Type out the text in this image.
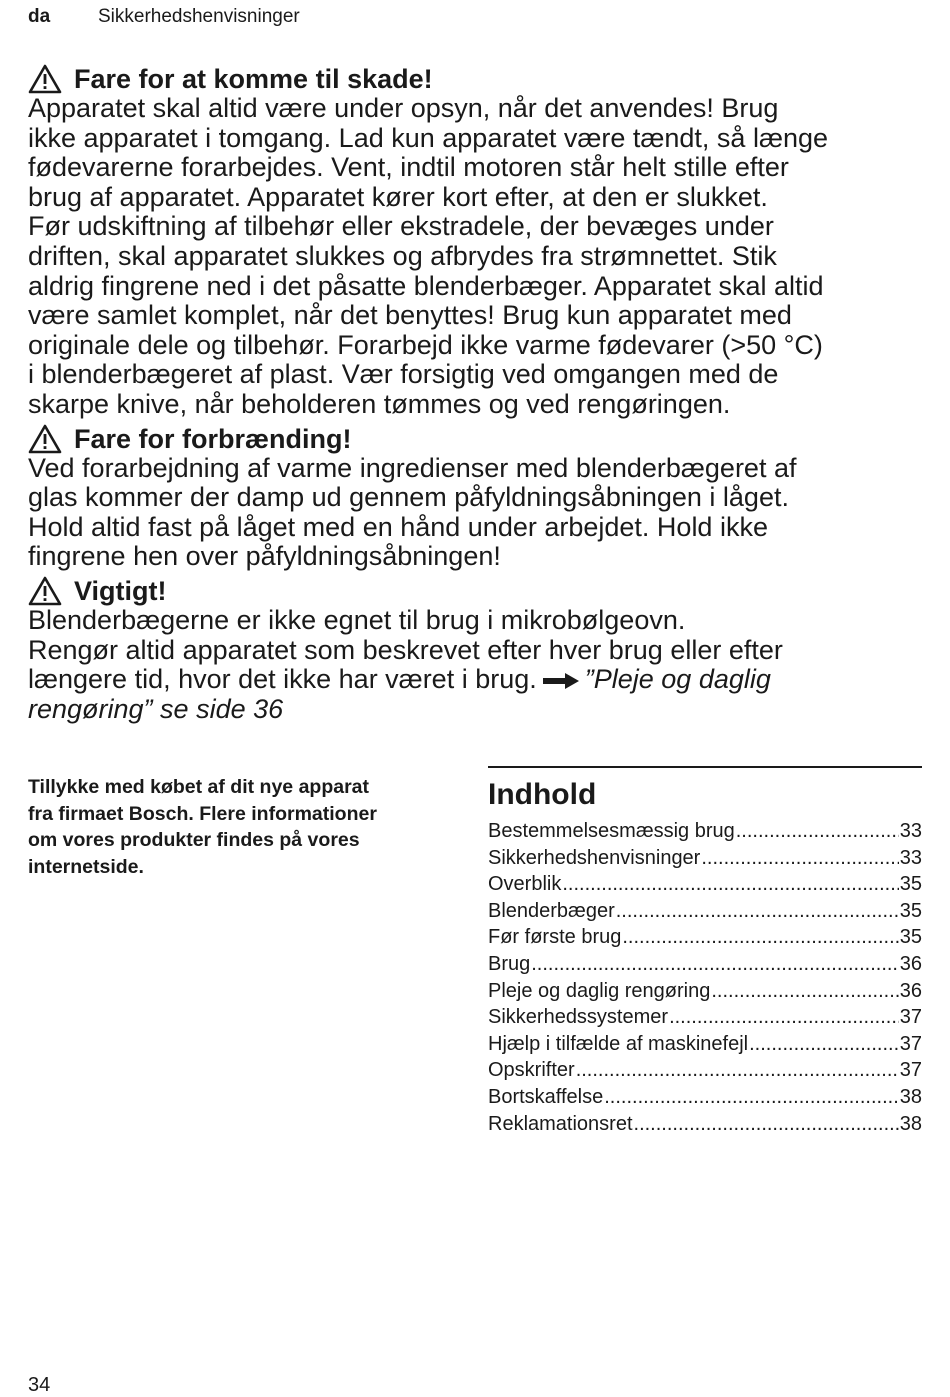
da	Sikkerhedshenvisninger
Fare for at komme til skade!

Apparatet skal altid være under opsyn, når det anvendes! Brug

ikke apparatet i tomgang. Lad kun apparatet være tændt, så længe

fødevarerne forarbejdes. Vent, indtil motoren står helt stille efter

brug af apparatet. Apparatet kører kort efter, at den er slukket.

Før udskiftning af tilbehør eller ekstradele, der bevæges under

driften, skal apparatet slukkes og afbrydes fra strømnettet. Stik

aldrig fingrene ned i det påsatte blenderbæger. Apparatet skal altid

være samlet komplet, når det benyttes! Brug kun apparatet med

originale dele og tilbehør. Forarbejd ikke varme fødevarer (>50 °C)

i blenderbægeret af plast. Vær forsigtig ved omgangen med de

skarpe knive, når beholderen tømmes og ved rengøringen.

Fare for forbrænding!

Ved forarbejdning af varme ingredienser med blenderbægeret af

glas kommer der damp ud gennem påfyldningsåbningen i låget.

Hold altid fast på låget med en hånd under arbejdet. Hold ikke

fingrene hen over påfyldningsåbningen!

Vigtigt!

Blenderbægerne er ikke egnet til brug i mikrobølgeovn.

Rengør altid apparatet som beskrevet efter hver brug eller efter

længere tid, hvor det ikke har været i brug. ”Pleje og daglig

rengøring” se side 36

Tillykke med købet af dit nye apparat
fra firmaet Bosch. Flere informationer
om vores produkter findes på vores
internetside.
Indhold
Bestemmelsesmæssig brug .....	33
Sikkerhedshenvisninger .....	33
Overblik .....	35
Blenderbæger .....	35
Før første brug .....	35
Brug .....	36
Pleje og daglig rengøring .....	36
Sikkerhedssystemer .....	37
Hjælp i tilfælde af maskinefejl .....	37
Opskrifter .....	37
Bortskaffelse .....	38
Reklamationsret .....	38
34
